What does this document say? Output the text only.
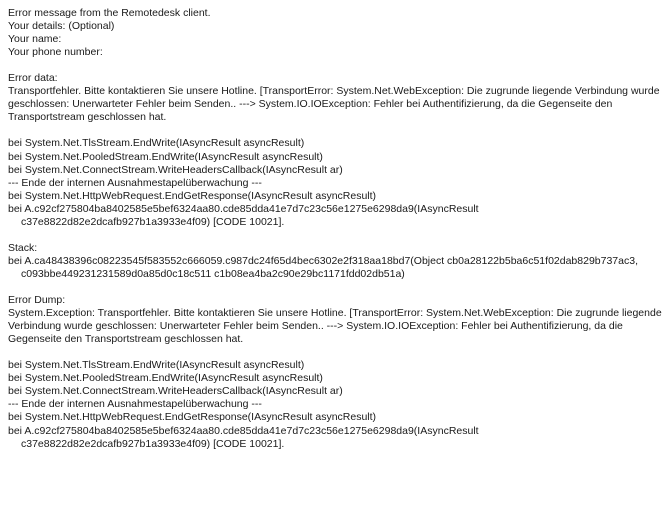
Error message from the Remotedesk client.
Your details: (Optional)
Your name:
Your phone number:
Error data:
Transportfehler. Bitte kontaktieren Sie unsere Hotline. [TransportError: System.Net.WebException: Die zugrunde liegende Verbindung wurde geschlossen: Unerwarteter Fehler beim Senden.. ---> System.IO.IOException: Fehler bei Authentifizierung, da die Gegenseite den Transportstream geschlossen hat.
bei System.Net.TlsStream.EndWrite(IAsyncResult asyncResult)
bei System.Net.PooledStream.EndWrite(IAsyncResult asyncResult)
bei System.Net.ConnectStream.WriteHeadersCallback(IAsyncResult ar)
--- Ende der internen Ausnahmestapelüberwachung ---
bei System.Net.HttpWebRequest.EndGetResponse(IAsyncResult asyncResult)
bei A.c92cf275804ba8402585e5bef6324aa80.cde85dda41e7d7c23c56e1275e6298da9(IAsyncResult c37e8822d82e2dcafb927b1a3933e4f09) [CODE 10021].
Stack:
bei A.ca48438396c08223545f583552c666059.c987dc24f65d4bec6302e2f318aa18bd7(Object cb0a28122b5ba6c51f02dab829b737ac3, c093bbe449231231589d0a85d0c18c511 c1b08ea4ba2c90e29bc1171fdd02db51a)
Error Dump:
System.Exception: Transportfehler. Bitte kontaktieren Sie unsere Hotline. [TransportError: System.Net.WebException: Die zugrunde liegende Verbindung wurde geschlossen: Unerwarteter Fehler beim Senden.. ---> System.IO.IOException: Fehler bei Authentifizierung, da die Gegenseite den Transportstream geschlossen hat.
bei System.Net.TlsStream.EndWrite(IAsyncResult asyncResult)
bei System.Net.PooledStream.EndWrite(IAsyncResult asyncResult)
bei System.Net.ConnectStream.WriteHeadersCallback(IAsyncResult ar)
--- Ende der internen Ausnahmestapelüberwachung ---
bei System.Net.HttpWebRequest.EndGetResponse(IAsyncResult asyncResult)
bei A.c92cf275804ba8402585e5bef6324aa80.cde85dda41e7d7c23c56e1275e6298da9(IAsyncResult c37e8822d82e2dcafb927b1a3933e4f09) [CODE 10021].
